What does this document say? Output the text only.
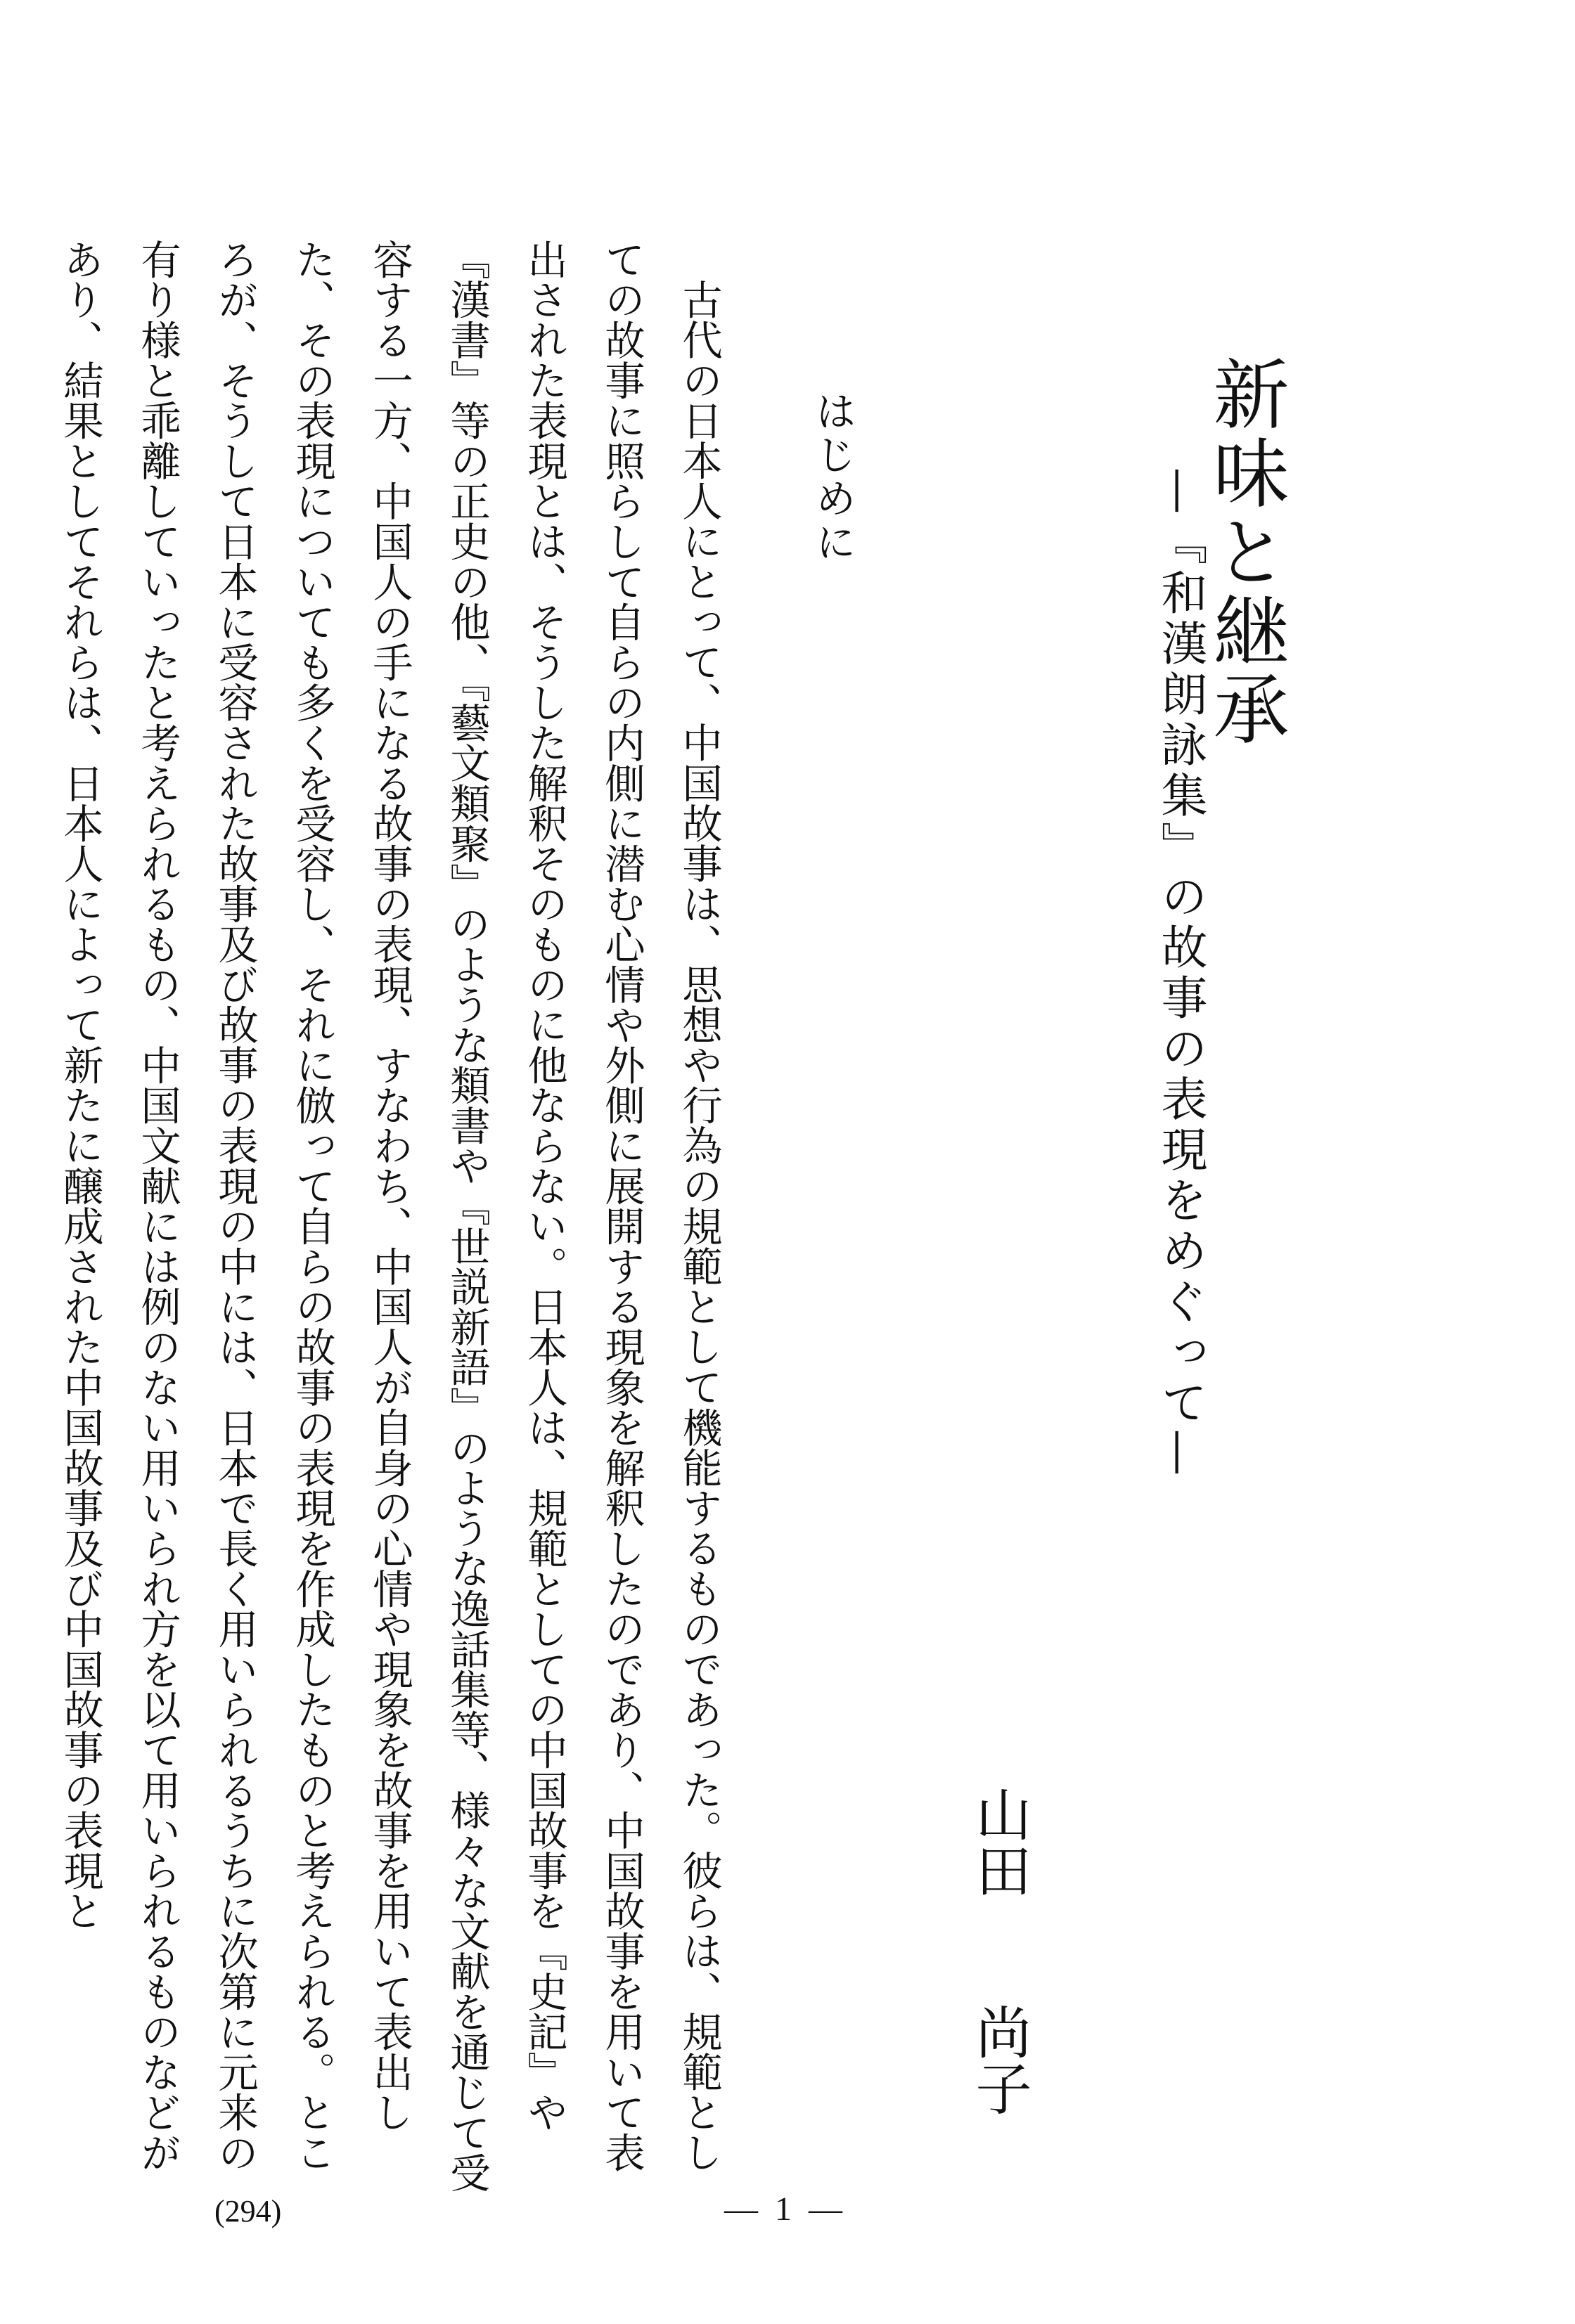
新味と継承
—『和漢朗詠集』の故事の表現をめぐって—
山田尚子
はじめに

古代の日本人にとって、中国故事は、思想や行為の規範として機能するものであった。彼らは、規範としての故事に照らして自らの内側に潜む心情や外側に展開する現象を解釈したのであり、中国故事を用いて表出された表現とは、そうした解釈そのものに他ならない。日本人は、規範としての中国故事を『史記』や『漢書』等の正史の他、『藝文類聚』のような類書や『世説新語』のような逸話集等、様々な文献を通じて受容する一方、中国人の手になる故事の表現、すなわち、中国人が自身の心情や現象を故事を用いて表出した、その表現についても多くを受容し、それに倣って自らの故事の表現を作成したものと考えられる。ところが、そうして日本に受容された故事及び故事の表現の中には、日本で長く用いられるうちに次第に元来の有り様と乖離していったと考えられるもの、中国文献には例のない用いられ方を以て用いられるものなどがあり、結果としてそれらは、日本人によって新たに醸成された中国故事及び中国故事の表現と

(294)	— 1 —
